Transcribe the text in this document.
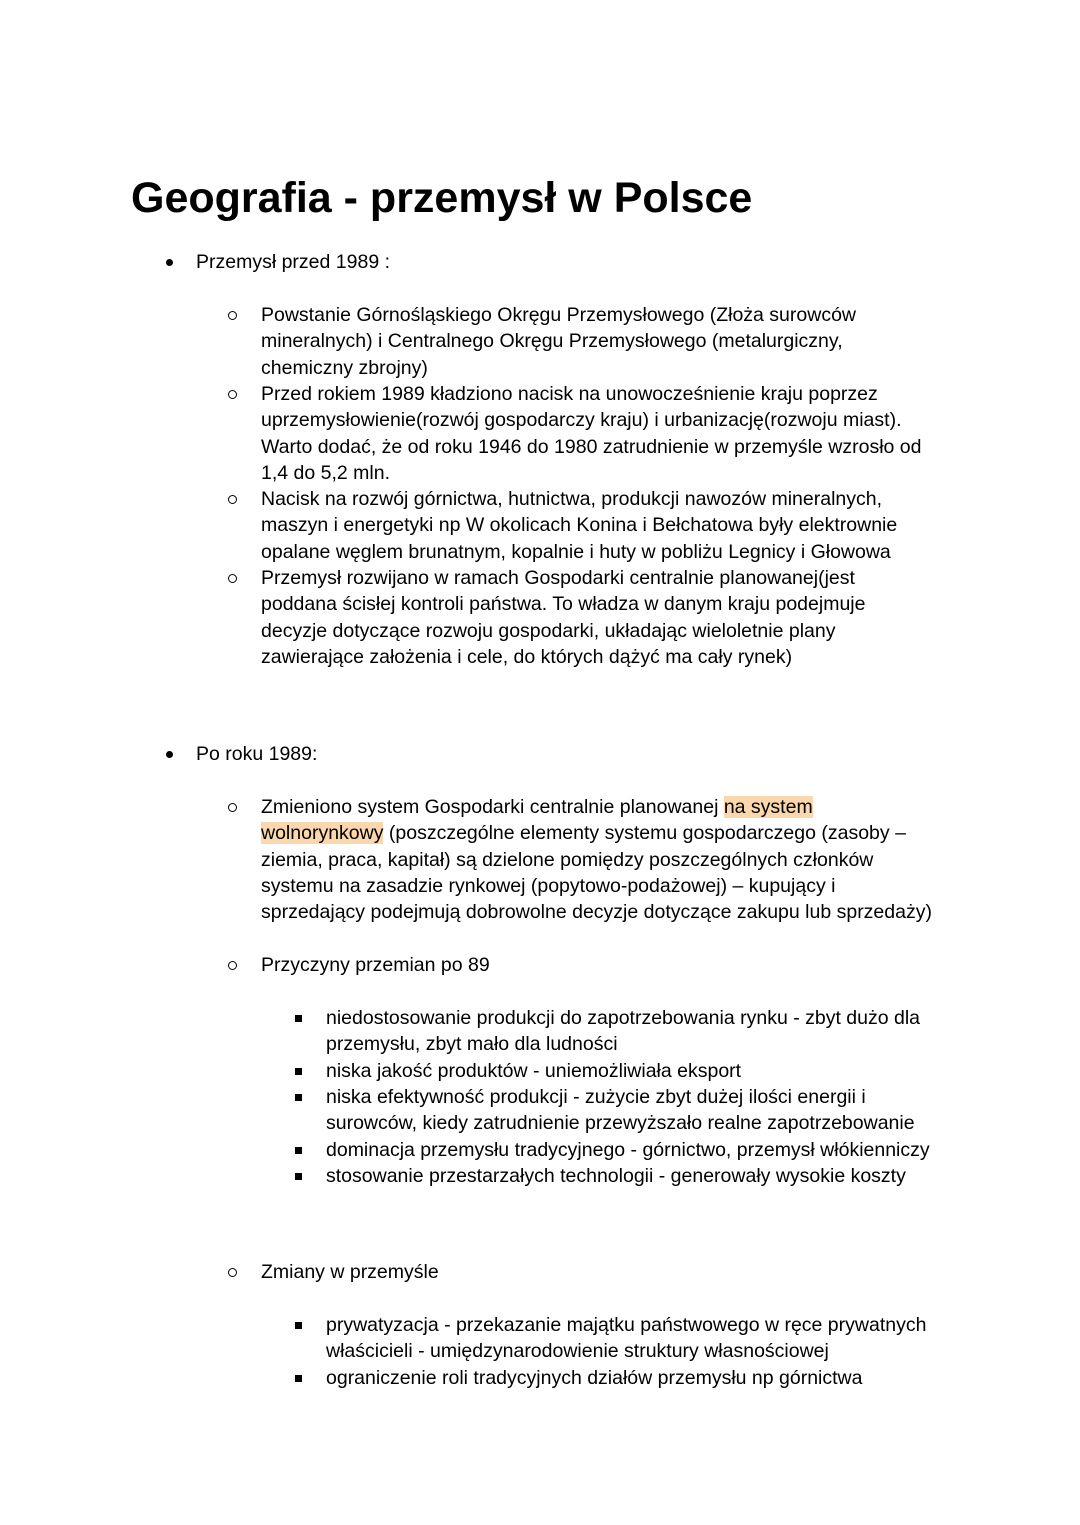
Geografia - przemysł w Polsce

Przemysł przed 1989 :

Powstanie Górnośląskiego Okręgu Przemysłowego (Złoża surowców
mineralnych) i Centralnego Okręgu Przemysłowego (metalurgiczny,
chemiczny zbrojny)

Przed rokiem 1989 kładziono nacisk na unowocześnienie kraju poprzez
uprzemysłowienie(rozwój gospodarczy kraju) i urbanizację(rozwoju miast).
Warto dodać, że od roku 1946 do 1980 zatrudnienie w przemyśle wzrosło od
1,4 do 5,2 mln.

Nacisk na rozwój górnictwa, hutnictwa, produkcji nawozów mineralnych,
maszyn i energetyki np W okolicach Konina i Bełchatowa były elektrownie
opalane węglem brunatnym, kopalnie i huty w pobliżu Legnicy i Głowowa

Przemysł rozwijano w ramach Gospodarki centralnie planowanej(jest
poddana ścisłej kontroli państwa. To władza w danym kraju podejmuje
decyzje dotyczące rozwoju gospodarki, układając wieloletnie plany
zawierające założenia i cele, do których dążyć ma cały rynek)

Po roku 1989:

Zmieniono system Gospodarki centralnie planowanej na system
wolnorynkowy (poszczególne elementy systemu gospodarczego (zasoby –
ziemia, praca, kapitał) są dzielone pomiędzy poszczególnych członków
systemu na zasadzie rynkowej (popytowo-podażowej) – kupujący i
sprzedający podejmują dobrowolne decyzje dotyczące zakupu lub sprzedaży)

Przyczyny przemian po 89

niedostosowanie produkcji do zapotrzebowania rynku - zbyt dużo dla
przemysłu, zbyt mało dla ludności

niska jakość produktów - uniemożliwiała eksport

niska efektywność produkcji - zużycie zbyt dużej ilości energii i
surowców, kiedy zatrudnienie przewyższało realne zapotrzebowanie

dominacja przemysłu tradycyjnego - górnictwo, przemysł włókienniczy

stosowanie przestarzałych technologii - generowały wysokie koszty

Zmiany w przemyśle

prywatyzacja - przekazanie majątku państwowego w ręce prywatnych
właścicieli - umiędzynarodowienie struktury własnościowej

ograniczenie roli tradycyjnych działów przemysłu np górnictwa
